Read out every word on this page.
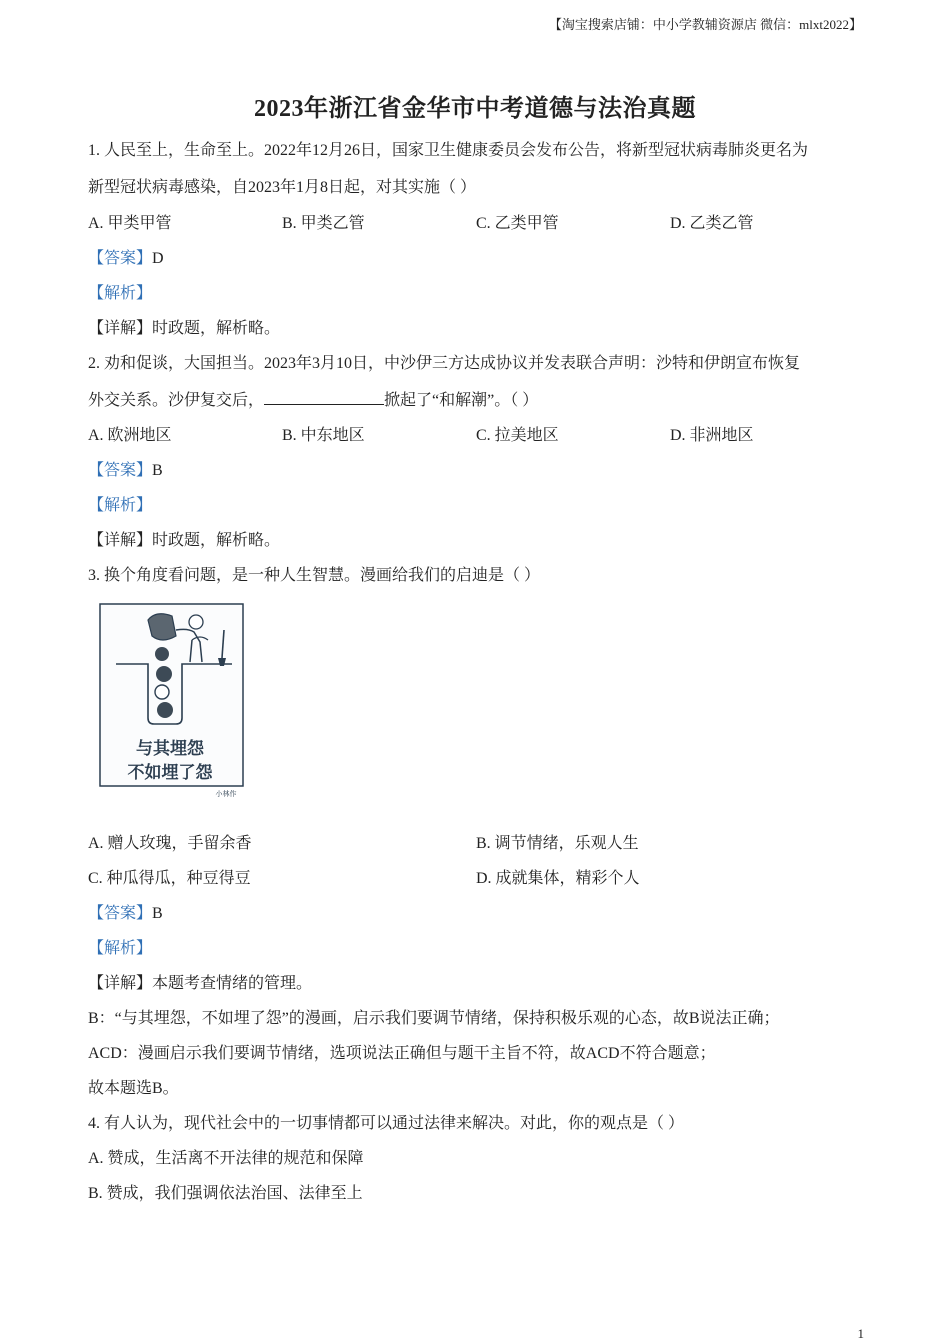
【淘宝搜索店铺：中小学教辅资源店 微信：mlxt2022】
2023年浙江省金华市中考道德与法治真题
1. 人民至上，生命至上。2022年12月26日，国家卫生健康委员会发布公告，将新型冠状病毒肺炎更名为
新型冠状病毒感染，自2023年1月8日起，对其实施（ ）
A. 甲类甲管	B. 甲类乙管	C. 乙类甲管	D. 乙类乙管
【答案】D
【解析】
【详解】时政题，解析略。
2. 劝和促谈，大国担当。2023年3月10日，中沙伊三方达成协议并发表联合声明：沙特和伊朗宣布恢复
外交关系。沙伊复交后，	掀起了“和解潮”。（ ）
A. 欧洲地区	B. 中东地区	C. 拉美地区	D. 非洲地区
【答案】B
【解析】
【详解】时政题，解析略。
3. 换个角度看问题，是一种人生智慧。漫画给我们的启迪是（ ）
与其埋怨
不如埋了怨
小林作
A. 赠人玫瑰，手留余香	B. 调节情绪，乐观人生
C. 种瓜得瓜，种豆得豆	D. 成就集体，精彩个人
【答案】B
【解析】
【详解】本题考查情绪的管理。
B：“与其埋怨，不如埋了怨”的漫画，启示我们要调节情绪，保持积极乐观的心态，故B说法正确；
ACD：漫画启示我们要调节情绪，选项说法正确但与题干主旨不符，故ACD不符合题意；
故本题选B。
4. 有人认为，现代社会中的一切事情都可以通过法律来解决。对此，你的观点是（ ）
A. 赞成，生活离不开法律的规范和保障
B. 赞成，我们强调依法治国、法律至上
1
